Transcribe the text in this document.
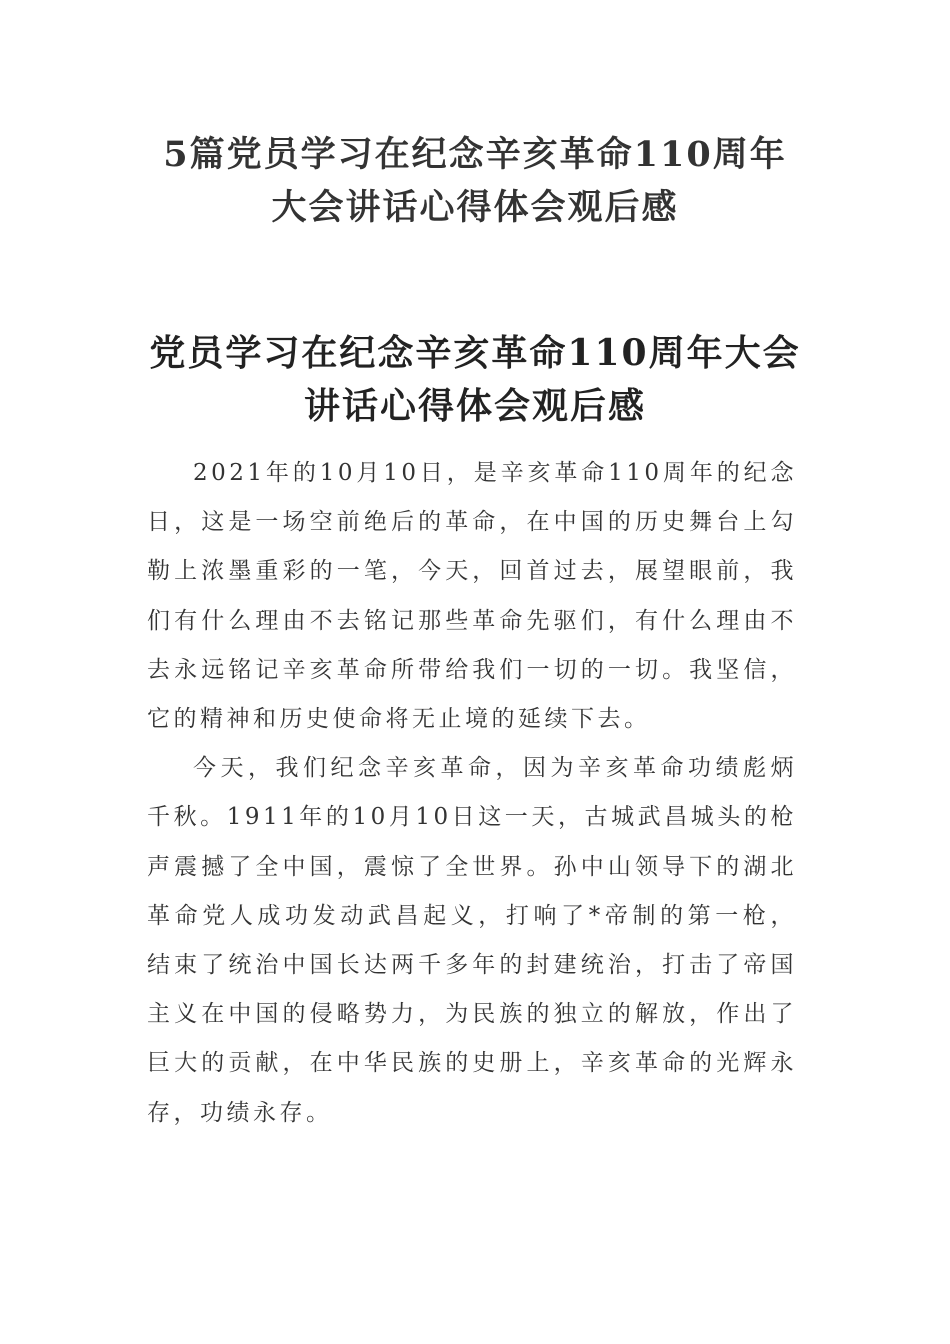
5篇党员学习在纪念辛亥革命110周年大会讲话心得体会观后感
党员学习在纪念辛亥革命110周年大会讲话心得体会观后感

2021年的10月10日，是辛亥革命110周年的纪念日，这是一场空前绝后的革命，在中国的历史舞台上勾勒上浓墨重彩的一笔，今天，回首过去，展望眼前，我们有什么理由不去铭记那些革命先驱们，有什么理由不去永远铭记辛亥革命所带给我们一切的一切。我坚信，它的精神和历史使命将无止境的延续下去。

今天，我们纪念辛亥革命，因为辛亥革命功绩彪炳千秋。1911年的10月10日这一天，古城武昌城头的枪声震撼了全中国，震惊了全世界。孙中山领导下的湖北革命党人成功发动武昌起义，打响了*帝制的第一枪，结束了统治中国长达两千多年的封建统治，打击了帝国主义在中国的侵略势力，为民族的独立的解放，作出了巨大的贡献，在中华民族的史册上，辛亥革命的光辉永存，功绩永存。
